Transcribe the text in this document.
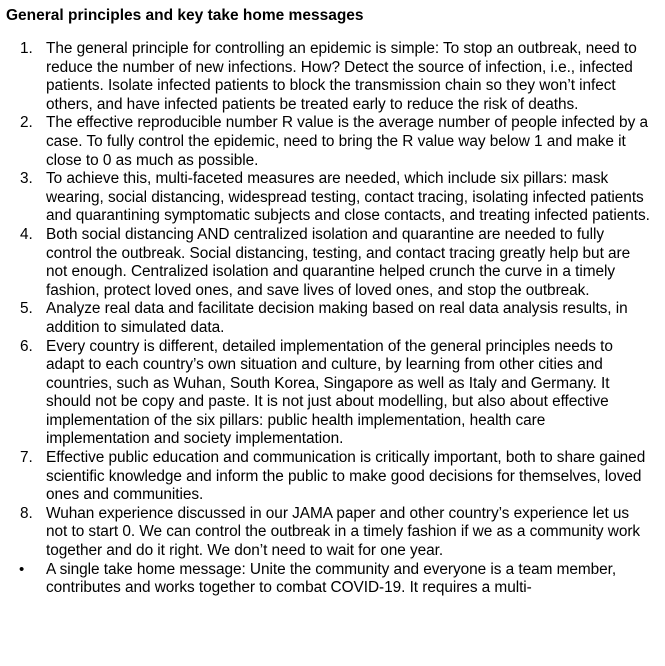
General principles and key take home messages
1. The general principle for controlling an epidemic is simple: To stop an outbreak, need to reduce the number of new infections. How? Detect the source of infection, i.e., infected patients. Isolate infected patients to block the transmission chain so they won’t infect others, and have infected patients be treated early to reduce the risk of deaths.
2. The effective reproducible number R value is the average number of people infected by a case. To fully control the epidemic, need to bring the R value way below 1 and make it close to 0 as much as possible.
3. To achieve this, multi-faceted measures are needed, which include six pillars: mask wearing, social distancing, widespread testing, contact tracing, isolating infected patients and quarantining symptomatic subjects and close contacts, and treating infected patients.
4. Both social distancing AND centralized isolation and quarantine are needed to fully control the outbreak. Social distancing, testing, and contact tracing greatly help but are not enough. Centralized isolation and quarantine helped crunch the curve in a timely fashion, protect loved ones, and save lives of loved ones, and stop the outbreak.
5. Analyze real data and facilitate decision making based on real data analysis results, in addition to simulated data.
6. Every country is different, detailed implementation of the general principles needs to adapt to each country’s own situation and culture, by learning from other cities and countries, such as Wuhan, South Korea, Singapore as well as Italy and Germany. It should not be copy and paste. It is not just about modelling, but also about effective implementation of the six pillars: public health implementation, health care implementation and society implementation.
7. Effective public education and communication is critically important, both to share gained scientific knowledge and inform the public to make good decisions for themselves, loved ones and communities.
8. Wuhan experience discussed in our JAMA paper and other country’s experience let us not to start 0. We can control the outbreak in a timely fashion if we as a community work together and do it right. We don’t need to wait for one year.
•	A single take home message: Unite the community and everyone is a team member, contributes and works together to combat COVID-19. It requires a multi-
